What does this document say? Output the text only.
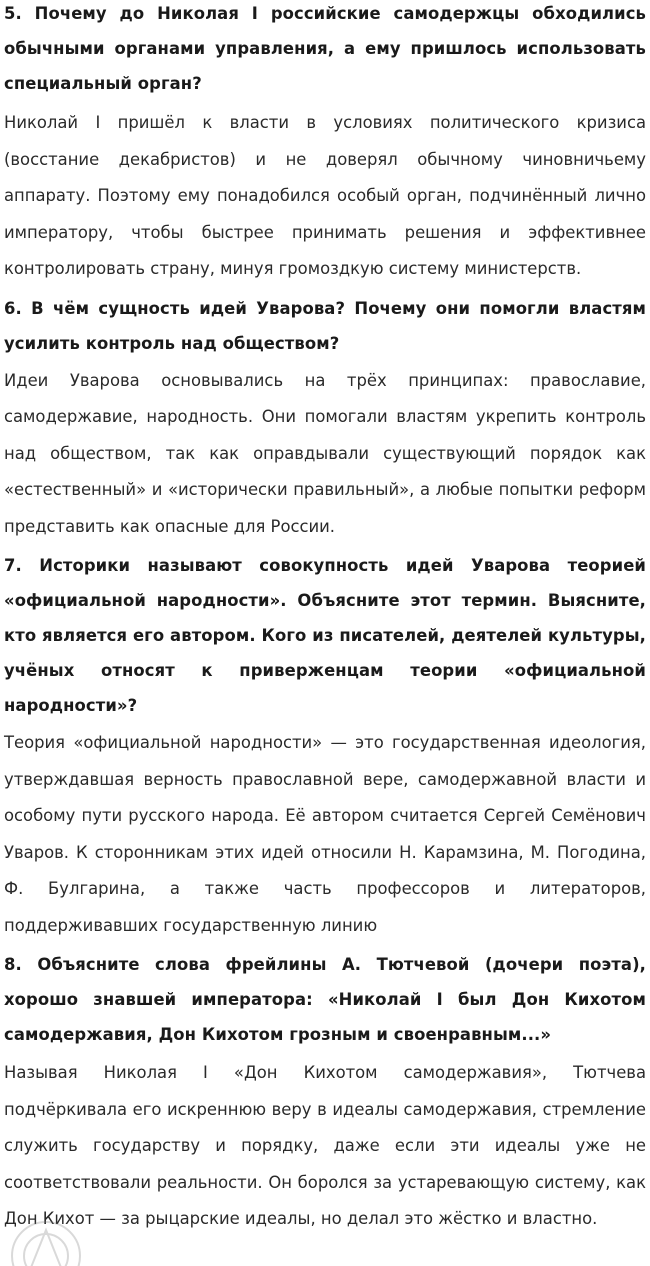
5. Почему до Николая I российские самодержцы обходились обычными органами управления, а ему пришлось использовать специальный орган?

Николай I пришёл к власти в условиях политического кризиса (восстание декабристов) и не доверял обычному чиновничьему аппарату. Поэтому ему понадобился особый орган, подчинённый лично императору, чтобы быстрее принимать решения и эффективнее контролировать страну, минуя громоздкую систему министерств.

6. В чём сущность идей Уварова? Почему они помогли властям усилить контроль над обществом?

Идеи Уварова основывались на трёх принципах: православие, самодержавие, народность. Они помогали властям укрепить контроль над обществом, так как оправдывали существующий порядок как «естественный» и «исторически правильный», а любые попытки реформ представить как опасные для России.

7. Историки называют совокупность идей Уварова теорией «официальной народности». Объясните этот термин. Выясните, кто является его автором. Кого из писателей, деятелей культуры, учёных относят к приверженцам теории «официальной народности»?

Теория «официальной народности» — это государственная идеология, утверждавшая верность православной вере, самодержавной власти и особому пути русского народа. Её автором считается Сергей Семёнович Уваров. К сторонникам этих идей относили Н. Карамзина, М. Погодина, Ф. Булгарина, а также часть профессоров и литераторов, поддерживавших государственную линию

8. Объясните слова фрейлины А. Тютчевой (дочери поэта), хорошо знавшей императора: «Николай I был Дон Кихотом самодержавия, Дон Кихотом грозным и своенравным...»

Называя Николая I «Дон Кихотом самодержавия», Тютчева подчёркивала его искреннюю веру в идеалы самодержавия, стремление служить государству и порядку, даже если эти идеалы уже не соответствовали реальности. Он боролся за устаревающую систему, как Дон Кихот — за рыцарские идеалы, но делал это жёстко и властно.
